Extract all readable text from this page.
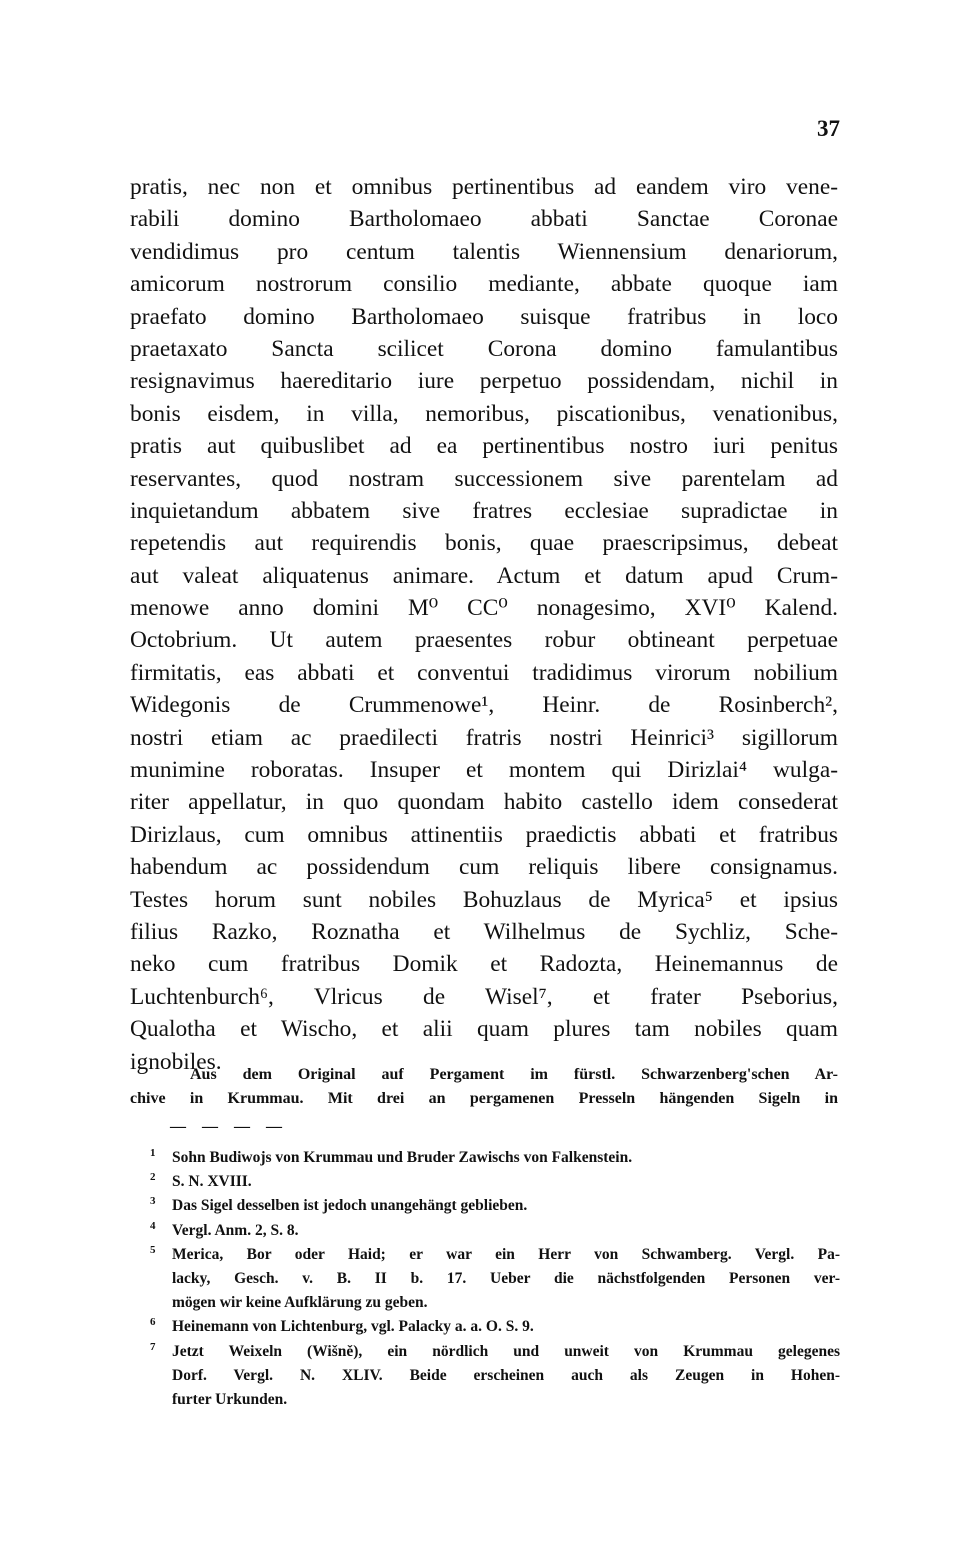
37
pratis, nec non et omnibus pertinentibus ad eandem viro vene-
rabili domino Bartholomaeo abbati Sanctae Coronae
vendidimus pro centum talentis Wiennensium denariorum,
amicorum nostrorum consilio mediante, abbate quoque iam
praefato domino Bartholomaeo suisque fratribus in loco
praetaxato Sancta scilicet Corona domino famulantibus
resignavimus haereditario iure perpetuo possidendam, nichil in
bonis eisdem, in villa, nemoribus, piscationibus, venationibus,
pratis aut quibuslibet ad ea pertinentibus nostro iuri penitus
reservantes, quod nostram successionem sive parentelam ad
inquietandum abbatem sive fratres ecclesiae supradictae in
repetendis aut requirendis bonis, quae praescripsimus, debeat
aut valeat aliquatenus animare. Actum et datum apud Crum-
menowe anno domini M⁰ CC⁰ nonagesimo, XVI⁰ Kalend.
Octobrium. Ut autem praesentes robur obtineant perpetuae
firmitatis, eas abbati et conventui tradidimus virorum nobilium
Widegonis de Crummenowe¹, Heinr. de Rosinberch²,
nostri etiam ac praedilecti fratris nostri Heinrici³ sigillorum
munimine roboratas. Insuper et montem qui Dirizlai⁴ wulga-
riter appellatur, in quo quondam habito castello idem consederat
Dirizlaus, cum omnibus attinentiis praedictis abbati et fratribus
habendum ac possidendum cum reliquis libere consignamus.
Testes horum sunt nobiles Bohuzlaus de Myrica⁵ et ipsius
filius Razko, Roznatha et Wilhelmus de Sychliz, Sche-
neko cum fratribus Domik et Radozta, Heinemannus de
Luchtenburch⁶, Vlricus de Wisel⁷, et frater Pseborius,
Qualotha et Wischo, et alii quam plures tam nobiles quam
ignobiles.
Aus dem Original auf Pergament im fürstl. Schwarzenberg'schen Ar-
chive in Krummau. Mit drei an pergamenen Presseln hängenden Sigeln in
— — — —
1 Sohn Budiwojs von Krummau und Bruder Zawischs von Falkenstein.
2 S. N. XVIII.
3 Das Sigel desselben ist jedoch unangehängt geblieben.
4 Vergl. Anm. 2, S. 8.
5 Merica, Bor oder Haid; er war ein Herr von Schwamberg. Vergl. Pa-
lacky, Gesch. v. B. II b. 17. Ueber die nächstfolgenden Personen ver-
mögen wir keine Aufklärung zu geben.
6 Heinemann von Lichtenburg, vgl. Palacky a. a. O. S. 9.
7 Jetzt Weixeln (Wišně), ein nördlich und unweit von Krummau gelegenes
Dorf. Vergl. N. XLIV. Beide erscheinen auch als Zeugen in Hohen-
furter Urkunden.
